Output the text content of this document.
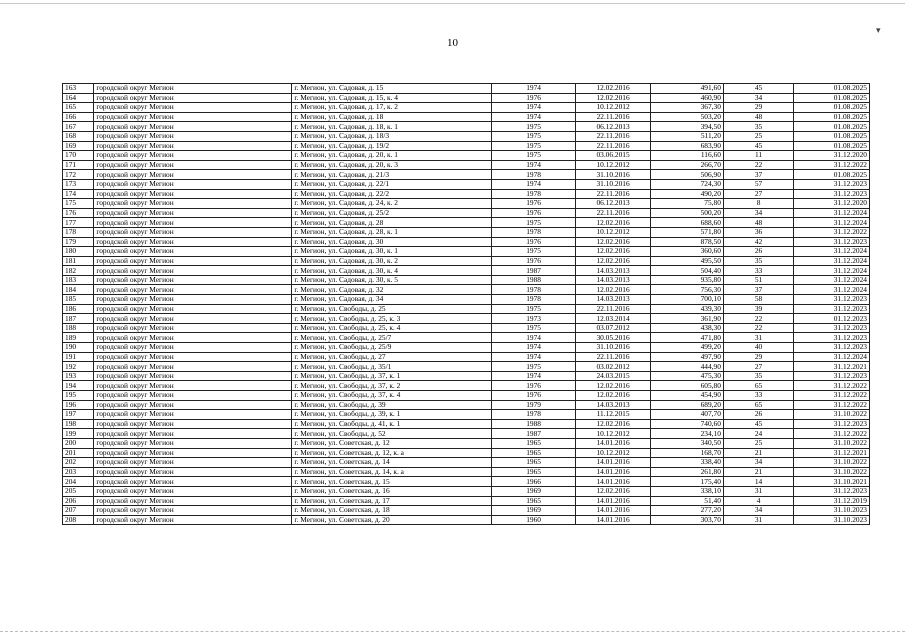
10
163	городской округ Мегион	г. Мегион, ул. Садовая, д. 15	1974	12.02.2016	491,60	45	01.08.2025
164	городской округ Мегион	г. Мегион, ул. Садовая, д. 15, к. 4	1976	12.02.2016	460,90	34	01.08.2025
165	городской округ Мегион	г. Мегион, ул. Садовая, д. 17, к. 2	1974	10.12.2012	367,30	29	01.08.2025
166	городской округ Мегион	г. Мегион, ул. Садовая, д. 18	1974	22.11.2016	503,20	48	01.08.2025
167	городской округ Мегион	г. Мегион, ул. Садовая, д. 18, к. 1	1975	06.12.2013	394,50	35	01.08.2025
168	городской округ Мегион	г. Мегион, ул. Садовая, д. 18/3	1975	22.11.2016	511,20	25	01.08.2025
169	городской округ Мегион	г. Мегион, ул. Садовая, д. 19/2	1975	22.11.2016	683,90	45	01.08.2025
170	городской округ Мегион	г. Мегион, ул. Садовая, д. 20, к. 1	1975	03.06.2015	116,60	11	31.12.2020
171	городской округ Мегион	г. Мегион, ул. Садовая, д. 20, к. 3	1974	10.12.2012	266,70	22	31.12.2022
172	городской округ Мегион	г. Мегион, ул. Садовая, д. 21/3	1978	31.10.2016	506,90	37	01.08.2025
173	городской округ Мегион	г. Мегион, ул. Садовая, д. 22/1	1974	31.10.2016	724,30	57	31.12.2023
174	городской округ Мегион	г. Мегион, ул. Садовая, д. 22/2	1978	22.11.2016	490,20	27	31.12.2023
175	городской округ Мегион	г. Мегион, ул. Садовая, д. 24, к. 2	1976	06.12.2013	75,80	8	31.12.2020
176	городской округ Мегион	г. Мегион, ул. Садовая, д. 25/2	1976	22.11.2016	500,20	34	31.12.2024
177	городской округ Мегион	г. Мегион, ул. Садовая, д. 28	1975	12.02.2016	688,60	48	31.12.2024
178	городской округ Мегион	г. Мегион, ул. Садовая, д. 28, к. 1	1978	10.12.2012	571,80	36	31.12.2022
179	городской округ Мегион	г. Мегион, ул. Садовая, д. 30	1976	12.02.2016	878,50	42	31.12.2023
180	городской округ Мегион	г. Мегион, ул. Садовая, д. 30, к. 1	1975	12.02.2016	360,60	26	31.12.2024
181	городской округ Мегион	г. Мегион, ул. Садовая, д. 30, к. 2	1976	12.02.2016	495,50	35	31.12.2024
182	городской округ Мегион	г. Мегион, ул. Садовая, д. 30, к. 4	1987	14.03.2013	504,40	33	31.12.2024
183	городской округ Мегион	г. Мегион, ул. Садовая, д. 30, к. 5	1988	14.03.2013	935,80	51	31.12.2024
184	городской округ Мегион	г. Мегион, ул. Садовая, д. 32	1978	12.02.2016	756,30	37	31.12.2024
185	городской округ Мегион	г. Мегион, ул. Садовая, д. 34	1978	14.03.2013	700,10	58	31.12.2023
186	городской округ Мегион	г. Мегион, ул. Свободы, д. 25	1975	22.11.2016	439,30	39	31.12.2023
187	городской округ Мегион	г. Мегион, ул. Свободы, д. 25, к. 3	1973	12.03.2014	361,90	22	01.12.2023
188	городской округ Мегион	г. Мегион, ул. Свободы, д. 25, к. 4	1975	03.07.2012	438,30	22	31.12.2023
189	городской округ Мегион	г. Мегион, ул. Свободы, д. 25/7	1974	30.05.2016	471,80	31	31.12.2023
190	городской округ Мегион	г. Мегион, ул. Свободы, д. 25/9	1974	31.10.2016	499,20	40	31.12.2023
191	городской округ Мегион	г. Мегион, ул. Свободы, д. 27	1974	22.11.2016	497,90	29	31.12.2024
192	городской округ Мегион	г. Мегион, ул. Свободы, д. 35/1	1975	03.02.2012	444,90	27	31.12.2021
193	городской округ Мегион	г. Мегион, ул. Свободы, д. 37, к. 1	1974	24.03.2015	475,30	35	31.12.2023
194	городской округ Мегион	г. Мегион, ул. Свободы, д. 37, к. 2	1976	12.02.2016	605,80	65	31.12.2022
195	городской округ Мегион	г. Мегион, ул. Свободы, д. 37, к. 4	1976	12.02.2016	454,90	33	31.12.2022
196	городской округ Мегион	г. Мегион, ул. Свободы, д. 39	1979	14.03.2013	689,20	65	31.12.2022
197	городской округ Мегион	г. Мегион, ул. Свободы, д. 39, к. 1	1978	11.12.2015	407,70	26	31.10.2022
198	городской округ Мегион	г. Мегион, ул. Свободы, д. 41, к. 1	1988	12.02.2016	740,60	45	31.12.2023
199	городской округ Мегион	г. Мегион, ул. Свободы, д. 52	1987	10.12.2012	234,10	24	31.12.2022
200	городской округ Мегион	г. Мегион, ул. Советская, д. 12	1965	14.01.2016	340,50	25	31.10.2022
201	городской округ Мегион	г. Мегион, ул. Советская, д. 12, к. а	1965	10.12.2012	168,70	21	31.12.2021
202	городской округ Мегион	г. Мегион, ул. Советская, д. 14	1965	14.01.2016	338,40	34	31.10.2022
203	городской округ Мегион	г. Мегион, ул. Советская, д. 14, к. а	1965	14.01.2016	261,80	21	31.10.2022
204	городской округ Мегион	г. Мегион, ул. Советская, д. 15	1966	14.01.2016	175,40	14	31.10.2021
205	городской округ Мегион	г. Мегион, ул. Советская, д. 16	1969	12.02.2016	338,10	31	31.12.2023
206	городской округ Мегион	г. Мегион, ул. Советская, д. 17	1965	14.01.2016	51,40	4	31.12.2019
207	городской округ Мегион	г. Мегион, ул. Советская, д. 18	1969	14.01.2016	277,20	34	31.10.2023
208	городской округ Мегион	г. Мегион, ул. Советская, д. 20	1960	14.01.2016	303,70	31	31.10.2023
▾
